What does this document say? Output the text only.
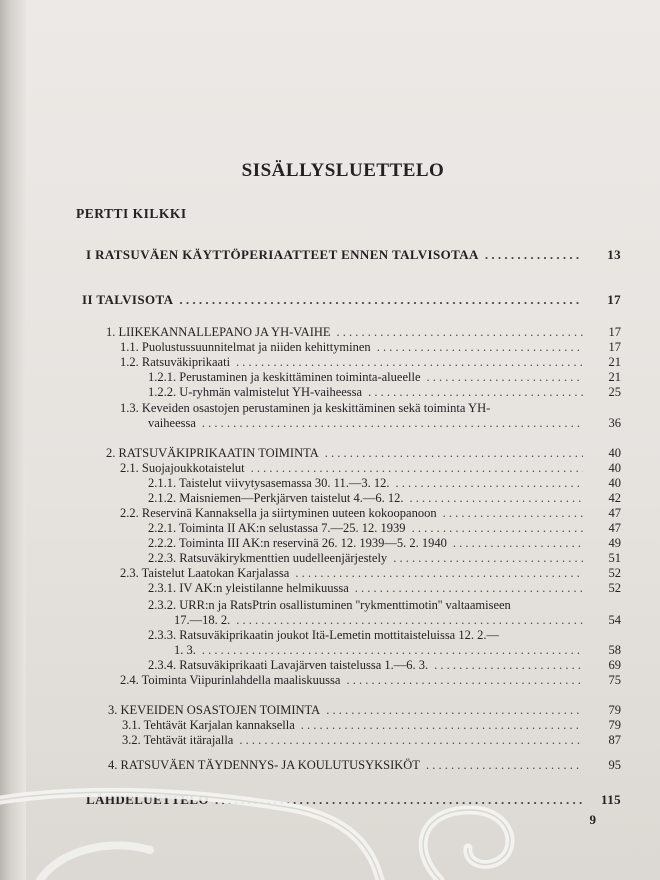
SISÄLLYSLUETTELO
PERTTI KILKKI
I RATSUVÄEN KÄYTTÖPERIAATTEET ENNEN TALVISOTAA . . .	13
II TALVISOTA . . .	17
1. LIIKEKANNALLEPANO JA YH-VAIHE . . .	17
1.1. Puolustussuunnitelmat ja niiden kehittyminen . . .	17
1.2. Ratsuväkiprikaati . . .	21
1.2.1. Perustaminen ja keskittäminen toiminta-alueelle . . .	21
1.2.2. U-ryhmän valmistelut YH-vaiheessa . . .	25
1.3. Keveiden osastojen perustaminen ja keskittäminen sekä toiminta YH-
vaiheessa . . .	36
2. RATSUVÄKIPRIKAATIN TOIMINTA . . .	40
2.1. Suojajoukkotaistelut . . .	40
2.1.1. Taistelut viivytysasemassa 30. 11.—3. 12. . . .	40
2.1.2. Maisniemen—Perkjärven taistelut 4.—6. 12. . . .	42
2.2. Reservinä Kannaksella ja siirtyminen uuteen kokoopanoon . . .	47
2.2.1. Toiminta II AK:n selustassa 7.—25. 12. 1939 . . .	47
2.2.2. Toiminta III AK:n reservinä 26. 12. 1939—5. 2. 1940 . . .	49
2.2.3. Ratsuväkirykmenttien uudelleenjärjestely . . .	51
2.3. Taistelut Laatokan Karjalassa . . .	52
2.3.1. IV AK:n yleistilanne helmikuussa . . .	52
2.3.2. URR:n ja RatsPtrin osallistuminen ''rykmenttimotin'' valtaamiseen
17.—18. 2. . . .	54
2.3.3. Ratsuväkiprikaatin joukot Itä-Lemetin mottitaisteluissa 12. 2.—
1. 3. . . .	58
2.3.4. Ratsuväkiprikaati Lavajärven taistelussa 1.—6. 3. . . .	69
2.4. Toiminta Viipurinlahdella maaliskuussa . . .	75
3. KEVEIDEN OSASTOJEN TOIMINTA . . .	79
3.1. Tehtävät Karjalan kannaksella . . .	79
3.2. Tehtävät itärajalla . . .	87
4. RATSUVÄEN TÄYDENNYS- JA KOULUTUSYKSIKÖT . . .	95
LÄHDELUETTELO . . .	115
9
